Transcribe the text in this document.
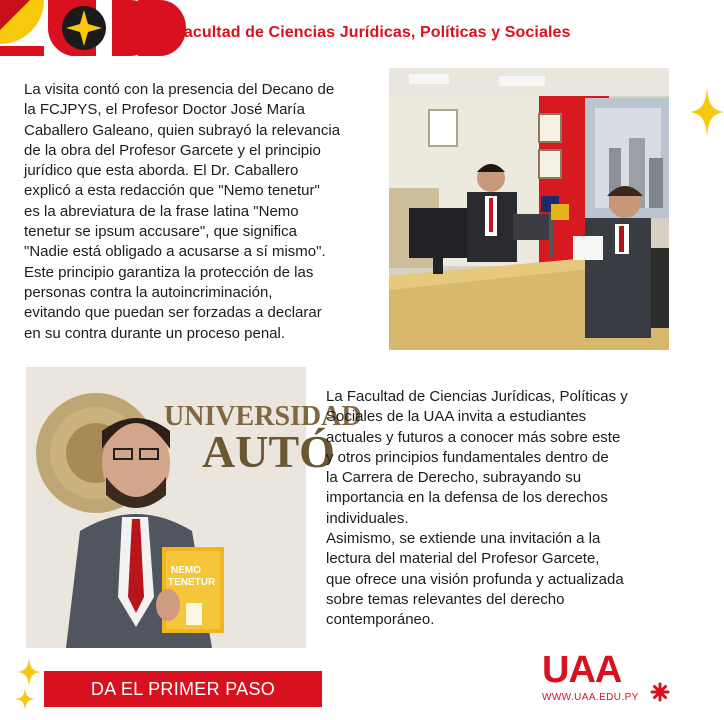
Facultad de Ciencias Jurídicas, Políticas y Sociales
La visita contó con la presencia del Decano de
la FCJPYS, el Profesor Doctor José María
Caballero Galeano, quien subrayó la relevancia
de la obra del Profesor Garcete y el principio
jurídico que esta aborda. El Dr. Caballero
explicó a esta redacción que "Nemo tenetur"
es la abreviatura de la frase latina "Nemo
tenetur se ipsum accusare", que significa
"Nadie está obligado a acusarse a sí mismo".
Este principio garantiza la protección de las
personas contra la autoincriminación,
evitando que puedan ser forzadas a declarar
en su contra durante un proceso penal.
UNIVERSIDAD
AUTÓ
NEMO
TENETUR
La Facultad de Ciencias Jurídicas, Políticas y
Sociales de la UAA invita a estudiantes
actuales y futuros a conocer más sobre este
y otros principios fundamentales dentro de
la Carrera de Derecho, subrayando su
importancia en la defensa de los derechos
individuales.
Asimismo, se extiende una invitación a la
lectura del material del Profesor Garcete,
que ofrece una visión profunda y actualizada
sobre temas relevantes del derecho
contemporáneo.
DA EL PRIMER PASO	UAA
WWW.UAA.EDU.PY
